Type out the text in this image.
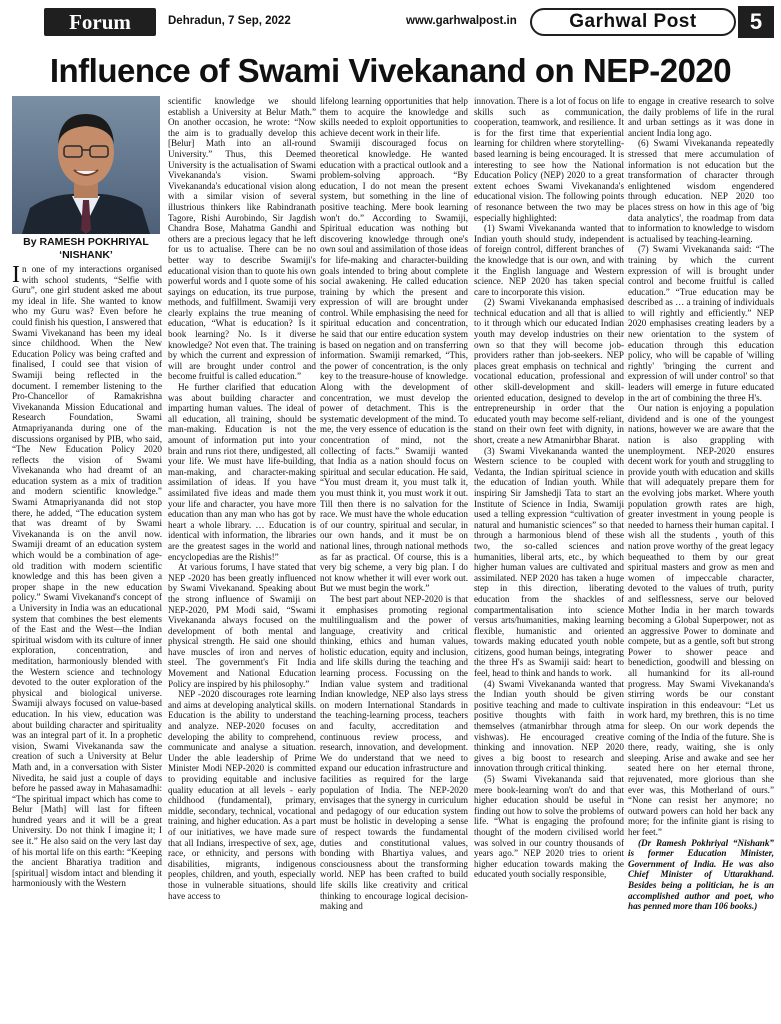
Forum	Dehradun, 7 Sep, 2022	www.garhwalpost.in	Garhwal Post	5
Influence of Swami Vivekanand on NEP-2020
By RAMESH POKHRIYAL
‘NISHANK’

In one of my interactions organised with school students, “Selfie with Guru”, one girl student asked me about my ideal in life. She wanted to know who my Guru was? Even before he could finish his question, I answered that Swami Vivekanand has been my ideal since childhood. When the New Education Policy was being crafted and finalised, I could see that vision of Swamiji being reflected in the document. I remember listening to the Pro-Chancellor of Ramakrishna Vivekananda Mission Educational and Research Foundation, Swami Atmapriyananda during one of the discussions organised by PIB, who said, “The New Education Policy 2020 reflects the vision of Swami Vivekananda who had dreamt of an education system as a mix of tradition and modern scientific knowledge.” Swami Atmapriyananda did not stop there, he added, “The education system that was dreamt of by Swami Vivekananda is on the anvil now. Swamiji dreamt of an education system which would be a combination of age-old tradition with modern scientific knowledge and this has been given a proper shape in the new education policy.” Swami Vivekanand's concept of a University in India was an educational system that combines the best elements of the East and the West—the Indian spiritual wisdom with its culture of inner exploration, concentration, and meditation, harmoniously blended with the Western science and technology devoted to the outer exploration of the physical and biological universe. Swamiji always focused on value-based education. In his view, education was about building character and spirituality was an integral part of it. In a prophetic vision, Swami Vivekananda saw the creation of such a University at Belur Math and, in a conversation with Sister Nivedita, he said just a couple of days before he passed away in Mahasamadhi: “The spiritual impact which has come to Belur [Math] will last for fifteen hundred years and it will be a great University. Do not think I imagine it; I see it.” He also said on the very last day of his mortal life on this earth: “Keeping the ancient Bharatiya tradition and [spiritual] wisdom intact and blending it harmoniously with the Western

scientific knowledge we should establish a University at Belur Math.” On another occasion, he wrote: “Now the aim is to gradually develop this [Belur] Math into an all-round University.” Thus, this Deemed University is the actualisation of Swami Vivekananda's vision. Swami Vivekananda's educational vision along with a similar vision of several illustrious thinkers like Rabindranath Tagore, Rishi Aurobindo, Sir Jagdish Chandra Bose, Mahatma Gandhi and others are a precious legacy that he left for us to actualise. There can be no better way to describe Swamiji's educational vision than to quote his own powerful words and I quote some of his sayings on education, its true purpose, methods, and fulfillment. Swamiji very clearly explains the true meaning of education, “What is education? Is it book learning? No. Is it diverse knowledge? Not even that. The training by which the current and expression of will are brought under control and become fruitful is called education.”

He further clarified that education was about building character and imparting human values. The ideal of all education, all training, should be man-making. Education is not the amount of information put into your brain and runs riot there, undigested, all your life. We must have life-building, man-making, and character-making assimilation of ideas. If you have assimilated five ideas and made them your life and character, you have more education than any man who has got by heart a whole library. … Education is identical with information, the libraries are the greatest sages in the world and encyclopedias are the Rishis!”

At various forums, I have stated that NEP -2020 has been greatly influenced by Swami Vivekanand. Speaking about the strong influence of Swamiji on NEP-2020, PM Modi said, “Swami Vivekananda always focused on the development of both mental and physical strength. He said one should have muscles of iron and nerves of steel. The government's Fit India Movement and National Education Policy are inspired by his philosophy.”

NEP -2020 discourages rote learning and aims at developing analytical skills. Education is the ability to understand and analyze. NEP-2020 focuses on developing the ability to comprehend, communicate and analyse a situation. Under the able leadership of Prime Minister Modi NEP-2020 is committed to providing equitable and inclusive quality education at all levels - early childhood (fundamental), primary, middle, secondary, technical, vocational training, and higher education. As a part of our initiatives, we have made sure that all Indians, irrespective of sex, age, race, or ethnicity, and persons with disabilities, migrants, indigenous peoples, children, and youth, especially those in vulnerable situations, should have access to

lifelong learning opportunities that help them to acquire the knowledge and skills needed to exploit opportunities to achieve decent work in their life.

Swamiji discouraged focus on theoretical knowledge. He wanted education with a practical outlook and a problem-solving approach. “By education, I do not mean the present system, but something in the line of positive teaching. Mere book learning won't do.” According to Swamiji, Spiritual education was nothing but discovering knowledge through one's own soul and assimilation of those ideas for life-making and character-building goals intended to bring about complete social awakening. He called education training by which the present and expression of will are brought under control. While emphasising the need for spiritual education and concentration, he said that our entire education system is based on negation and on transferring information. Swamiji remarked, “This, the power of concentration, is the only key to the treasure-house of knowledge. Along with the development of concentration, we must develop the power of detachment. This is the systematic development of the mind. To me, the very essence of education is the concentration of mind, not the collecting of facts.” Swamiji wanted that India as a nation should focus on spiritual and secular education. He said, “You must dream it, you must talk it, you must think it, you must work it out. Till then there is no salvation for the race. We must have the whole education of our country, spiritual and secular, in our own hands, and it must be on national lines, through national methods as far as practical. Of course, this is a very big scheme, a very big plan. I do not know whether it will ever work out. But we must begin the work.”

The best part about NEP-2020 is that it emphasises promoting regional multilingualism and the power of language, creativity and critical thinking, ethics and human values, holistic education, equity and inclusion, and life skills during the teaching and learning process. Focussing on the Indian value system and traditional Indian knowledge, NEP also lays stress on modern International Standards in the teaching-learning process, teachers and faculty, accreditation and continuous review process, and research, innovation, and development. We do understand that we need to expand our education infrastructure and facilities as required for the large population of India. The NEP-2020 envisages that the synergy in curriculum and pedagogy of our education system must be holistic in developing a sense of respect towards the fundamental duties and constitutional values, bonding with Bhartiya values, and consciousness about the transforming world. NEP has been crafted to build life skills like creativity and critical thinking to encourage logical decision-making and

innovation. There is a lot of focus on life skills such as communication, cooperation, teamwork, and resilience. It is for the first time that experiential learning for children where storytelling-based learning is being encouraged. It is interesting to see how the National Education Policy (NEP) 2020 to a great extent echoes Swami Vivekananda's educational vision. The following points of resonance between the two may be especially highlighted:

(1) Swami Vivekananda wanted that Indian youth should study, independent of foreign control, different branches of the knowledge that is our own, and with it the English language and Western science. NEP 2020 has taken special care to incorporate this vision.

(2) Swami Vivekananda emphasised technical education and all that is allied to it through which our educated Indian youth may develop industries on their own so that they will become job-providers rather than job-seekers. NEP places great emphasis on technical and vocational education, professional and other skill-development and skill-oriented education, designed to develop entrepreneurship in order that the educated youth may become self-reliant, stand on their own feet with dignity, in short, create a new Atmanirbhar Bharat.

(3) Swami Vivekananda wanted the Western science to be coupled with Vedanta, the Indian spiritual science in the education of Indian youth. While inspiring Sir Jamshedji Tata to start an Institute of Science in India, Swamiji used a telling expression “cultivation of natural and humanistic sciences” so that through a harmonious blend of these two, the so-called sciences and humanities, liberal arts, etc., by which higher human values are cultivated and assimilated. NEP 2020 has taken a huge step in this direction, liberating education from the shackles of compartmentalisation into science versus arts/humanities, making learning flexible, humanistic and oriented towards making educated youth noble citizens, good human beings, integrating the three H's as Swamiji said: heart to feel, head to think and hands to work.

(4) Swami Vivekananda wanted that the Indian youth should be given positive teaching and made to cultivate positive thoughts with faith in themselves (atmanirbhar through atma vishwas). He encouraged creative thinking and innovation. NEP 2020 gives a big boost to research and innovation through critical thinking.

(5) Swami Vivekananda said that mere book-learning won't do and that higher education should be useful in finding out how to solve the problems of life. “What is engaging the profound thought of the modern civilised world was solved in our country thousands of years ago.” NEP 2020 tries to orient higher education towards making the educated youth socially responsible,

to engage in creative research to solve the daily problems of life in the rural and urban settings as it was done in ancient India long ago.

(6) Swami Vivekananda repeatedly stressed that mere accumulation of information is not education but the transformation of character through enlightened wisdom engendered through education. NEP 2020 too places stress on how in this age of 'big data analytics', the roadmap from data to information to knowledge to wisdom is actualised by teaching-learning.

(7) Swami Vivekananda said: “The training by which the current expression of will is brought under control and become fruitful is called education.” “True education may be described as … a training of individuals to will rightly and efficiently.” NEP 2020 emphasises creating leaders by a new orientation to the system of education through this education policy, who will be capable of 'willing rightly' 'bringing the current and expression of will under control' so that leaders will emerge in future educated in the art of combining the three H's.

Our nation is enjoying a population dividend and is one of the youngest nations, however we are aware that the nation is also grappling with unemployment. NEP-2020 ensures decent work for youth and struggling to provide youth with education and skills that will adequately prepare them for the evolving jobs market. Where youth population growth rates are high, greater investment in young people is needed to harness their human capital. I wish all the students , youth of this nation prove worthy of the great legacy bequeathed to them by our great spiritual masters and grow as men and women of impeccable character, devoted to the values of truth, purity and selflessness, serve our beloved Mother India in her march towards becoming a Global Superpower, not as an aggressive Power to dominate and compete, but as a gentle, soft but strong Power to shower peace and benediction, goodwill and blessing on all humankind for its all-round progress. May Swami Vivekananda's stirring words be our constant inspiration in this endeavour: “Let us work hard, my brethren, this is no time for sleep. On our work depends the coming of the India of the future. She is there, ready, waiting, she is only sleeping. Arise and awake and see her seated here on her eternal throne, rejuvenated, more glorious than she ever was, this Motherland of ours.” “None can resist her anymore; no outward powers can hold her back any more; for the infinite giant is rising to her feet.”

(Dr Ramesh Pokhriyal “Nishank” is former Education Minister, Government of India. He was also Chief Minister of Uttarakhand. Besides being a politician, he is an accomplished author and poet, who has penned more than 106 books.)
